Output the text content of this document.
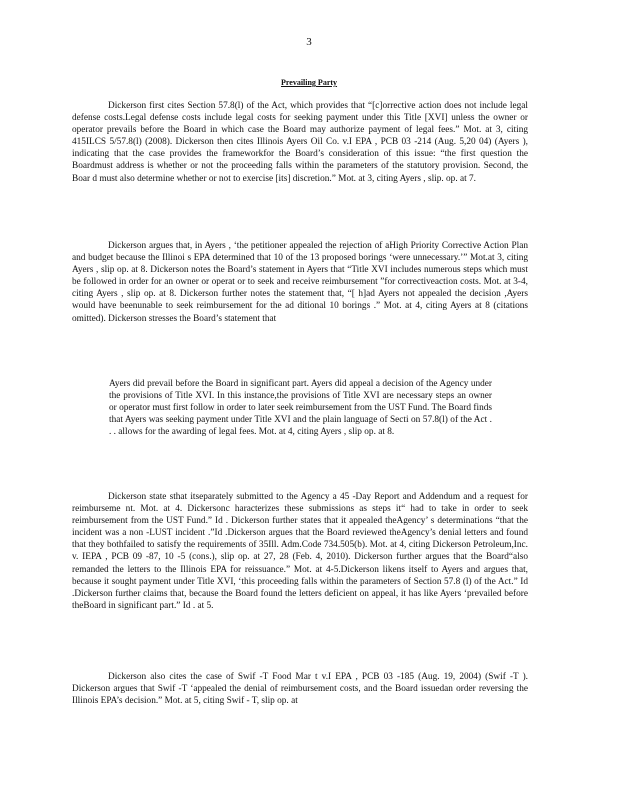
3
Prevailing Party

Dickerson first cites Section 57.8(l) of the Act, which provides that “[c]orrective action does not include legal defense costs.Legal defense costs include legal costs for seeking payment under this Title [XVI] unless the owner or operator prevails before the Board in which case the Board may authorize payment of legal fees.” Mot. at 3, citing 415ILCS 5/57.8(l) (2008). Dickerson then cites Illinois Ayers Oil Co. v.I EPA , PCB 03 -214 (Aug. 5,20 04) (Ayers ), indicating that the case provides the frameworkfor the Board’s consideration of this issue: “the first question the Boardmust address is whether or not the proceeding falls within the parameters of the statutory provision. Second, the Boar d must also determine whether or not to exercise [its] discretion.” Mot. at 3, citing Ayers , slip. op. at 7.

Dickerson argues that, in Ayers , ‘the petitioner appealed the rejection of aHigh Priority Corrective Action Plan and budget because the Illinoi s EPA determined that 10 of the 13 proposed borings ‘were unnecessary.’” Mot.at 3, citing Ayers , slip op. at 8. Dickerson notes the Board’s statement in Ayers that “Title XVI includes numerous steps which must be followed in order for an owner or operat or to seek and receive reimbursement ”for correctiveaction costs. Mot. at 3-4, citing Ayers , slip op. at 8. Dickerson further notes the statement that, “[ h]ad Ayers not appealed the decision ,Ayers would have beenunable to seek reimbursement for the ad ditional 10 borings .” Mot. at 4, citing Ayers at 8 (citations omitted). Dickerson stresses the Board’s statement that

Ayers did prevail before the Board in significant part. Ayers did appeal a decision of the Agency under the provisions of Title XVI. In this instance,the provisions of Title XVI are necessary steps an owner or operator must first follow in order to later seek reimbursement from the UST Fund. The Board finds that Ayers was seeking payment under Title XVI and the plain language of Secti on 57.8(l) of the Act . . . allows for the awarding of legal fees. Mot. at 4, citing Ayers , slip op. at 8.

Dickerson state sthat itseparately submitted to the Agency a 45 -Day Report and Addendum and a request for reimburseme nt. Mot. at 4. Dickersonc haracterizes these submissions as steps it“ had to take in order to seek reimbursement from the UST Fund.” Id . Dickerson further states that it appealed theAgency’ s determinations “that the incident was a non -LUST incident .”Id .Dickerson argues that the Board reviewed theAgency’s denial letters and found that they bothfailed to satisfy the requirements of 35Ill. Adm.Code 734.505(b). Mot. at 4, citing Dickerson Petroleum,Inc. v. IEPA , PCB 09 -87, 10 -5 (cons.), slip op. at 27, 28 (Feb. 4, 2010). Dickerson further argues that the Board“also remanded the letters to the Illinois EPA for reissuance.” Mot. at 4-5.Dickerson likens itself to Ayers and argues that, because it sought payment under Title XVI, ‘this proceeding falls within the parameters of Section 57.8 (l) of the Act.” Id .Dickerson further claims that, because the Board found the letters deficient on appeal, it has like Ayers ‘prevailed before theBoard in significant part.” Id . at 5.

Dickerson also cites the case of Swif -T Food Mar t v.I EPA , PCB 03 -185 (Aug. 19, 2004) (Swif -T ). Dickerson argues that Swif -T ‘appealed the denial of reimbursement costs, and the Board issuedan order reversing the Illinois EPA’s decision.” Mot. at 5, citing Swif - T, slip op. at
